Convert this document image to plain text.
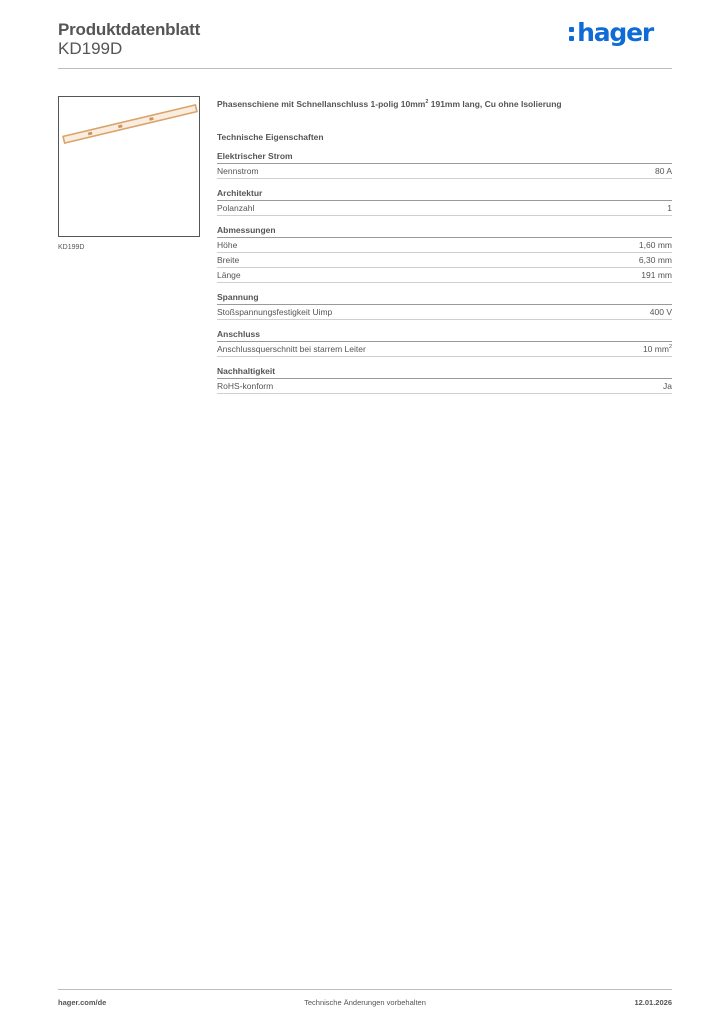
Produktdatenblatt
KD199D
hager
KD199D
Phasenschiene mit Schnellanschluss 1-polig $10mm^2$ 191mm lang, Cu ohne Isolierung
Technische Eigenschaften
Elektrischer Strom
Nennstrom	80 A
Architektur
Polanzahl	1
Abmessungen
Höhe	1,60 mm
Breite	6,30 mm
Länge	191 mm
Spannung
Stoßspannungsfestigkeit Uimp	400 V
Anschluss
Anschlussquerschnitt bei starrem Leiter	10 $mm^2$
Nachhaltigkeit
RoHS-konform	Ja
hager.com/de	Technische Änderungen vorbehalten	12.01.2026
